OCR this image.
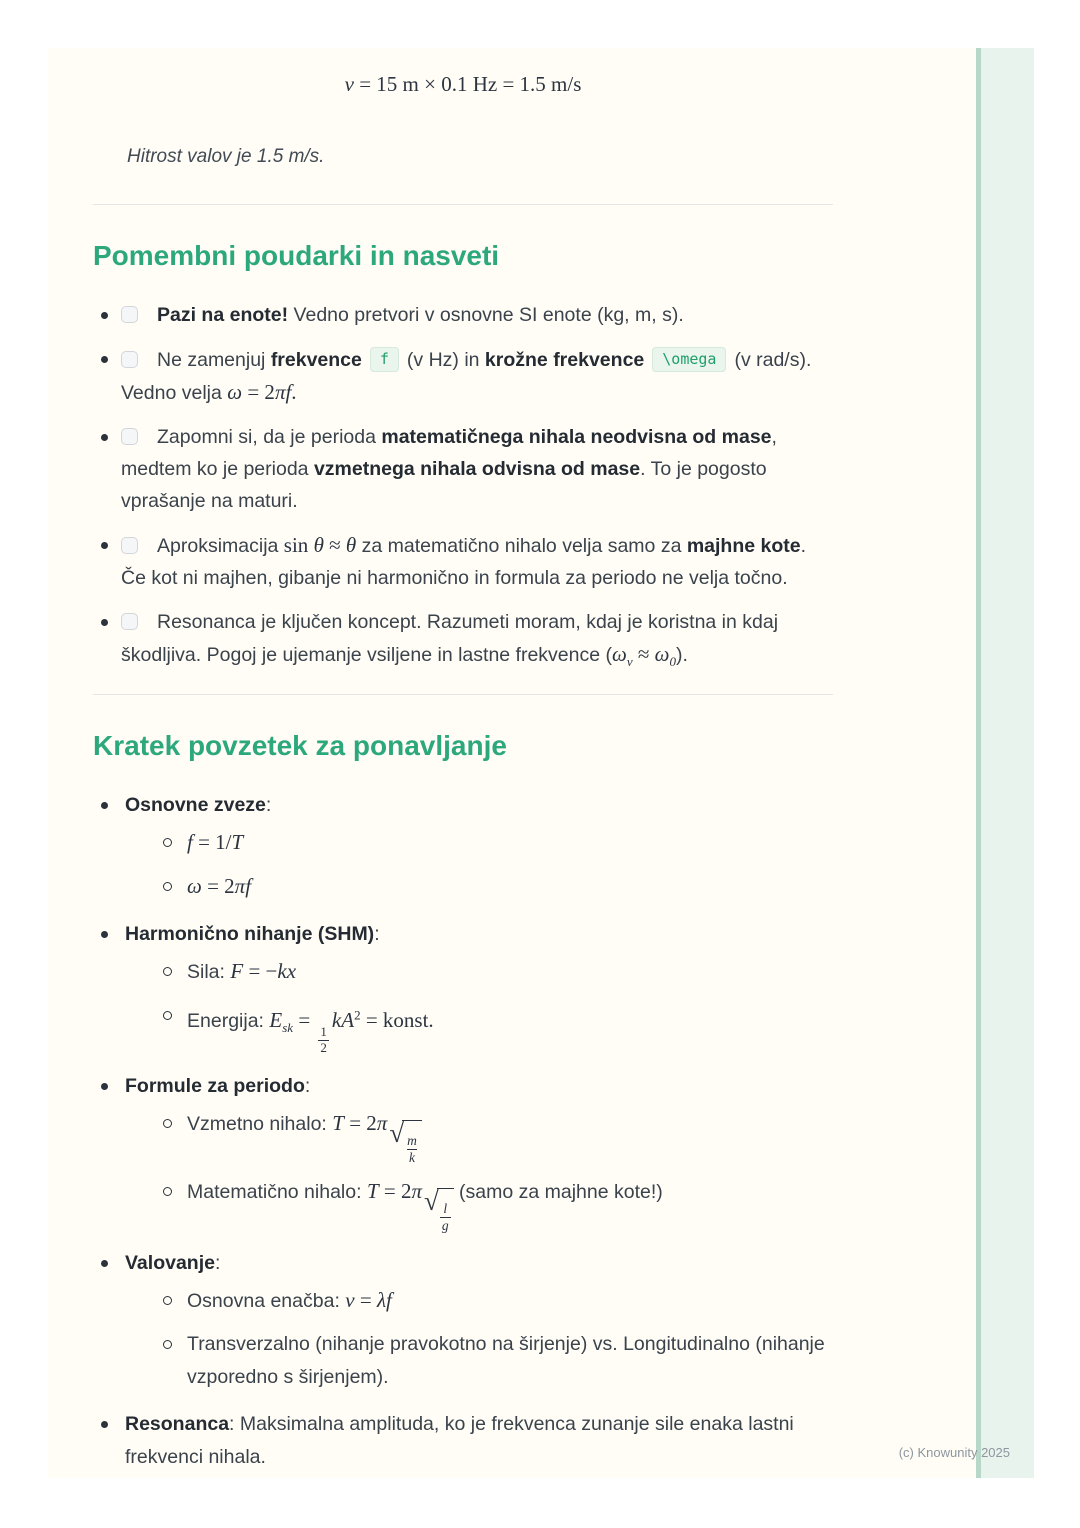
v = 15 m × 0.1 Hz = 1.5 m/s

Hitrost valov je 1.5 m/s.

Pomembni poudarki in nasveti
Pazi na enote! Vedno pretvori v osnovne SI enote (kg, m, s).
Ne zamenjuj frekvence f (v Hz) in krožne frekvence \omega (v rad/s). Vedno velja ω = 2πf.
Zapomni si, da je perioda matematičnega nihala neodvisna od mase, medtem ko je perioda vzmetnega nihala odvisna od mase. To je pogosto vprašanje na maturi.
Aproksimacija sin θ ≈ θ za matematično nihalo velja samo za majhne kote. Če kot ni majhen, gibanje ni harmonično in formula za periodo ne velja točno.
Resonanca je ključen koncept. Razumeti moram, kdaj je koristna in kdaj škodljiva. Pogoj je ujemanje vsiljene in lastne frekvence $(\omega_v \approx \omega_0)$.
Kratek povzetek za ponavljanje
Osnovne zveze:
f = 1/T
ω = 2πf
Harmonično nihanje (SHM):
Sila: F = −kx
Energija: $E_{sk}$ =
$\frac{1}{2}$
$kA^2$ = konst.
Formule za periodo:
Vzmetno nihalo: T = 2π √ $\frac{m}{k}$
Matematično nihalo: T = 2π √ $\frac{l}{g}$
(samo za majhne kote!)
Valovanje:
Osnovna enačba: v = λf
Transverzalno (nihanje pravokotno na širjenje) vs. Longitudinalno (nihanje vzporedno s širjenjem).
Resonanca: Maksimalna amplituda, ko je frekvenca zunanje sile enaka lastni frekvenci nihala.	(c) Knowunity 2025
